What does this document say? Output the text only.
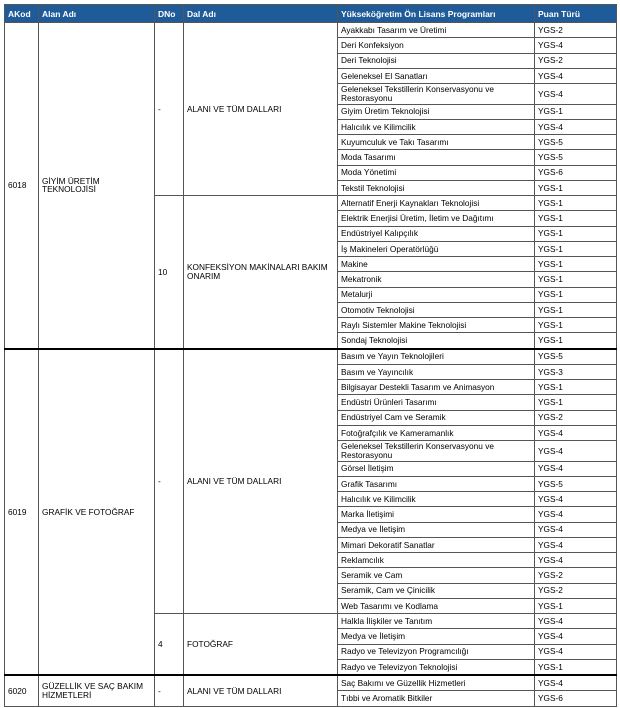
AKod	Alan Adı	DNo	Dal Adı	Yükseköğretim Ön Lisans Programları	Puan Türü
6018	GİYİM ÜRETİM TEKNOLOJİSİ	-	ALANI VE TÜM DALLARI	Ayakkabı Tasarım ve Üretimi	YGS-2
				Deri Konfeksiyon	YGS-4
				Deri Teknolojisi	YGS-2
				Geleneksel El Sanatları	YGS-4
				Geleneksel Tekstillerin Konservasyonu ve Restorasyonu	YGS-4
				Giyim Üretim Teknolojisi	YGS-1
				Halıcılık ve Kilimcilik	YGS-4
				Kuyumculuk ve Takı Tasarımı	YGS-5
				Moda Tasarımı	YGS-5
				Moda Yönetimi	YGS-6
				Tekstil Teknolojisi	YGS-1
		10	KONFEKSİYON MAKİNALARI BAKIM ONARIM	Alternatif Enerji Kaynakları Teknolojisi	YGS-1
				Elektrik Enerjisi Üretim, İletim ve Dağıtımı	YGS-1
				Endüstriyel Kalıpçılık	YGS-1
				İş Makineleri Operatörlüğü	YGS-1
				Makine	YGS-1
				Mekatronik	YGS-1
				Metalurji	YGS-1
				Otomotiv Teknolojisi	YGS-1
				Raylı Sistemler Makine Teknolojisi	YGS-1
				Sondaj Teknolojisi	YGS-1
6019	GRAFİK VE FOTOĞRAF	-	ALANI VE TÜM DALLARI	Basım ve Yayın Teknolojileri	YGS-5
				Basım ve Yayıncılık	YGS-3
				Bilgisayar Destekli Tasarım ve Animasyon	YGS-1
				Endüstri Ürünleri Tasarımı	YGS-1
				Endüstriyel Cam ve Seramik	YGS-2
				Fotoğrafçılık ve Kameramanlık	YGS-4
				Geleneksel Tekstillerin Konservasyonu ve Restorasyonu	YGS-4
				Görsel İletişim	YGS-4
				Grafik Tasarımı	YGS-5
				Halıcılık ve Kilimcilik	YGS-4
				Marka İletişimi	YGS-4
				Medya ve İletişim	YGS-4
				Mimari Dekoratif Sanatlar	YGS-4
				Reklamcılık	YGS-4
				Seramik ve Cam	YGS-2
				Seramik, Cam ve Çinicilik	YGS-2
				Web Tasarımı ve Kodlama	YGS-1
		4	FOTOĞRAF	Halkla İlişkiler ve Tanıtım	YGS-4
				Medya ve İletişim	YGS-4
				Radyo ve Televizyon Programcılığı	YGS-4
				Radyo ve Televizyon Teknolojisi	YGS-1
6020	GÜZELLİK VE SAÇ BAKIM HİZMETLERİ	-	ALANI VE TÜM DALLARI	Saç Bakımı ve Güzellik Hizmetleri	YGS-4
				Tıbbi ve Aromatik Bitkiler	YGS-6
